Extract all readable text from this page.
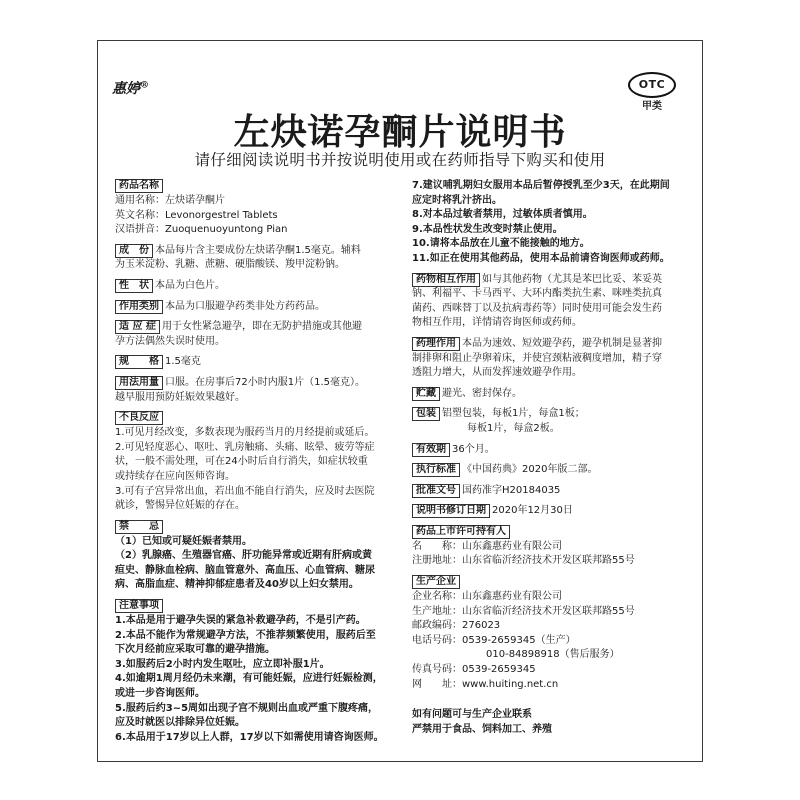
惠婷®	OTC
甲类
左炔诺孕酮片说明书
请仔细阅读说明书并按说明使用或在药师指导下购买和使用
药品名称
通用名称：左炔诺孕酮片
英文名称：Levonorgestrel Tablets
汉语拼音：Zuoquenuoyuntong Pian
成　份 本品每片含主要成份左炔诺孕酮1.5毫克。辅料
为玉米淀粉、乳糖、蔗糖、硬脂酸镁、羧甲淀粉钠。
性　状 本品为白色片。
作用类别 本品为口服避孕药类非处方药药品。
适 应 症 用于女性紧急避孕，即在无防护措施或其他避
孕方法偶然失误时使用。
规　　格 1.5毫克
用法用量 口服。在房事后72小时内服1片（1.5毫克）。
越早服用预防妊娠效果越好。
不良反应
1.可见月经改变，多数表现为服药当月的月经提前或延后。
2.可见轻度恶心、呕吐、乳房触痛、头痛、眩晕、疲劳等症
状，一般不需处理，可在24小时后自行消失，如症状较重
或持续存在应向医师咨询。
3.可有子宫异常出血，若出血不能自行消失，应及时去医院
就诊，警惕异位妊娠的存在。
禁　　忌
（1）已知或可疑妊娠者禁用。
（2）乳腺癌、生殖器官癌、肝功能异常或近期有肝病或黄
疸史、静脉血栓病、脑血管意外、高血压、心血管病、糖尿
病、高脂血症、精神抑郁症患者及40岁以上妇女禁用。
注意事项
1.本品是用于避孕失误的紧急补救避孕药，不是引产药。
2.本品不能作为常规避孕方法，不推荐频繁使用，服药后至
下次月经前应采取可靠的避孕措施。
3.如服药后2小时内发生呕吐，应立即补服1片。
4.如逾期1周月经仍未来潮，有可能妊娠，应进行妊娠检测，
或进一步咨询医师。
5.服药后约3~5周如出现子宫不规则出血或严重下腹疼痛，
应及时就医以排除异位妊娠。
6.本品用于17岁以上人群，17岁以下如需使用请咨询医师。
7.建议哺乳期妇女服用本品后暂停授乳至少3天，在此期间
应定时将乳汁挤出。
8.对本品过敏者禁用，过敏体质者慎用。
9.本品性状发生改变时禁止使用。
10.请将本品放在儿童不能接触的地方。
11.如正在使用其他药品，使用本品前请咨询医师或药师。
药物相互作用 如与其他药物（尤其是苯巴比妥、苯妥英
钠、利福平、卡马西平、大环内酯类抗生素、咪唑类抗真
菌药、西咪替丁以及抗病毒药等）同时使用可能会发生药
物相互作用，详情请咨询医师或药师。
药理作用 本品为速效、短效避孕药，避孕机制是显著抑
制排卵和阻止孕卵着床，并使宫颈粘液稠度增加，精子穿
透阻力增大，从而发挥速效避孕作用。
贮藏 避光、密封保存。
包装 铝塑包装，每板1片，每盒1板；
每板1片，每盒2板。
有效期 36个月。
执行标准 《中国药典》2020年版二部。
批准文号 国药准字H20184035
说明书修订日期 2020年12月30日
药品上市许可持有人
名　　称：山东鑫惠药业有限公司
注册地址：山东省临沂经济技术开发区联邦路55号
生产企业
企业名称：山东鑫惠药业有限公司
生产地址：山东省临沂经济技术开发区联邦路55号
邮政编码：276023
电话号码：0539-2659345（生产）
010-84898918（售后服务）
传真号码：0539-2659345
网　　址：www.huiting.net.cn
如有问题可与生产企业联系
严禁用于食品、饲料加工、养殖
